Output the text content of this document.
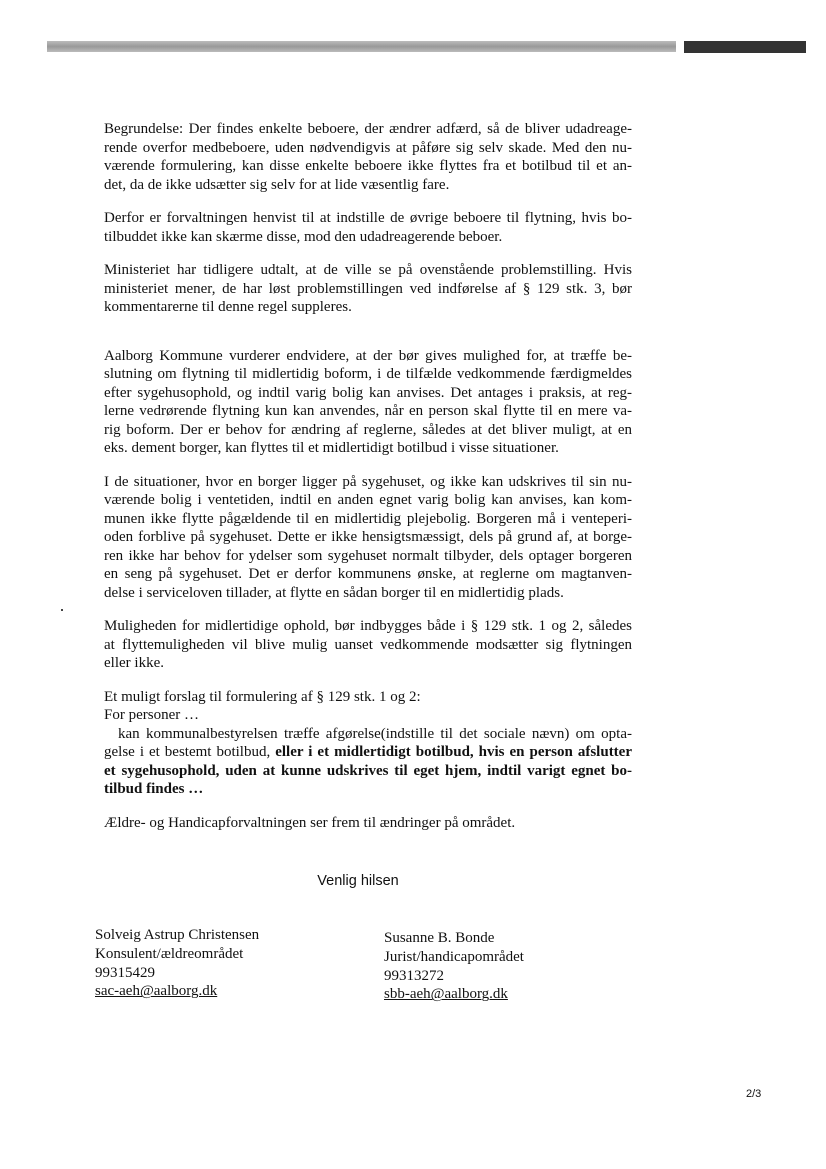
Begrundelse: Der findes enkelte beboere, der ændrer adfærd, så de bliver udadreage-
rende overfor medbeboere, uden nødvendigvis at påføre sig selv skade. Med den nu-
værende formulering, kan disse enkelte beboere ikke flyttes fra et botilbud til et an-
det, da de ikke udsætter sig selv for at lide væsentlig fare.
Derfor er forvaltningen henvist til at indstille de øvrige beboere til flytning, hvis bo-
tilbuddet ikke kan skærme disse, mod den udadreagerende beboer.
Ministeriet har tidligere udtalt, at de ville se på ovenstående problemstilling. Hvis
ministeriet mener, de har løst problemstillingen ved indførelse af § 129 stk. 3, bør
kommentarerne til denne regel suppleres.
Aalborg Kommune vurderer endvidere, at der bør gives mulighed for, at træffe be-
slutning om flytning til midlertidig boform, i de tilfælde vedkommende færdigmeldes
efter sygehusophold, og indtil varig bolig kan anvises. Det antages i praksis, at reg-
lerne vedrørende flytning kun kan anvendes, når en person skal flytte til en mere va-
rig boform. Der er behov for ændring af reglerne, således at det bliver muligt, at en
eks. dement borger, kan flyttes til et midlertidigt botilbud i visse situationer.
I de situationer, hvor en borger ligger på sygehuset, og ikke kan udskrives til sin nu-
værende bolig i ventetiden, indtil en anden egnet varig bolig kan anvises, kan kom-
munen ikke flytte pågældende til en midlertidig plejebolig. Borgeren må i venteperi-
oden forblive på sygehuset. Dette er ikke hensigtsmæssigt, dels på grund af, at borge-
ren ikke har behov for ydelser som sygehuset normalt tilbyder, dels optager borgeren
en seng på sygehuset. Det er derfor kommunens ønske, at reglerne om magtanven-
delse i serviceloven tillader, at flytte en sådan borger til en midlertidig plads.
Muligheden for midlertidige ophold, bør indbygges både i § 129 stk. 1 og 2, således
at flyttemuligheden vil blive mulig uanset vedkommende modsætter sig flytningen
eller ikke.
Et muligt forslag til formulering af § 129 stk. 1 og 2:
For personer …
kan kommunalbestyrelsen træffe afgørelse(indstille til det sociale nævn) om opta-
gelse i et bestemt botilbud, eller i et midlertidigt botilbud, hvis en person afslutter
et sygehusophold, uden at kunne udskrives til eget hjem, indtil varigt egnet bo-
tilbud findes …
Ældre- og Handicapforvaltningen ser frem til ændringer på området.
Venlig hilsen
Solveig Astrup Christensen
Konsulent/ældreområdet
99315429
sac-aeh@aalborg.dk
Susanne B. Bonde
Jurist/handicapområdet
99313272
sbb-aeh@aalborg.dk
2/3
